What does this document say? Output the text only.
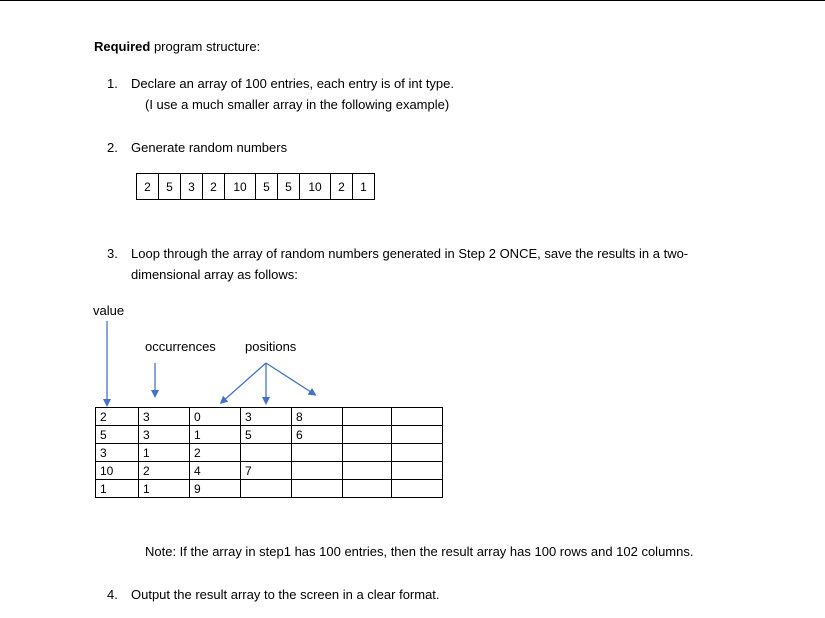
Required program structure:
1. Declare an array of 100 entries, each entry is of int type.
(I use a much smaller array in the following example)
2. Generate random numbers
2	5	3	2	10	5	5	10	2	1
3. Loop through the array of random numbers generated in Step 2 ONCE, save the results in a two-
dimensional array as follows:
value
occurrences positions
2	3	0	3	8		
5	3	1	5	6		
3	1	2				
10	2	4	7			
1	1	9				
Note: If the array in step1 has 100 entries, then the result array has 100 rows and 102 columns.
4. Output the result array to the screen in a clear format.
